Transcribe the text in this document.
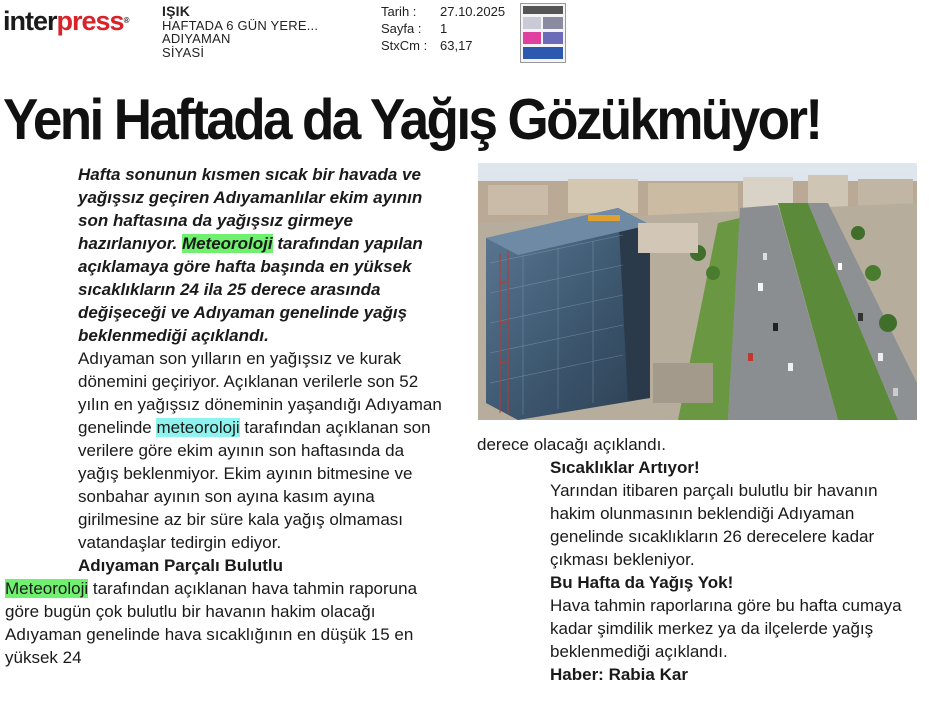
interpress®
IŞIK
HAFTADA 6 GÜN YERE...
ADIYAMAN
SİYASİ
Tarih :	27.10.2025
Sayfa :	1
StxCm : 63,17
Yeni Haftada da Yağış Gözükmüyor!

Hafta sonunun kısmen sıcak bir havada ve yağışsız geçiren Adıyamanlılar ekim ayının son haftasına da yağışsız girmeye hazırlanıyor. Meteoroloji tarafından yapılan açıklamaya göre hafta başında en yüksek sıcaklıkların 24 ila 25 derece arasında değişeceği ve Adıyaman genelinde yağış beklenmediği açıklandı.

Adıyaman son yılların en yağışsız ve kurak dönemini geçiriyor. Açıklanan verilerle son 52 yılın en yağışsız döneminin yaşandığı Adıyaman genelinde meteoroloji tarafından açıklanan son verilere göre ekim ayının son haftasında da yağış beklenmiyor. Ekim ayının bitmesine ve sonbahar ayının son ayına kasım ayına girilmesine az bir süre kala yağış olmaması vatandaşlar tedirgin ediyor.

Adıyaman Parçalı Bulutlu

Meteoroloji tarafından açıklanan hava tahmin raporuna göre bugün çok bulutlu bir havanın hakim olacağı Adıyaman genelinde hava sıcaklığının en düşük 15 en yüksek 24

derece olacağı açıklandı.

Sıcaklıklar Artıyor!

Yarından itibaren parçalı bulutlu bir havanın hakim olunmasının beklendiği Adıyaman genelinde sıcaklıkların 26 derecelere kadar çıkması bekleniyor.

Bu Hafta da Yağış Yok!

Hava tahmin raporlarına göre bu hafta cumaya kadar şimdilik merkez ya da ilçelerde yağış beklenmediği açıklandı.

Haber: Rabia Kar
